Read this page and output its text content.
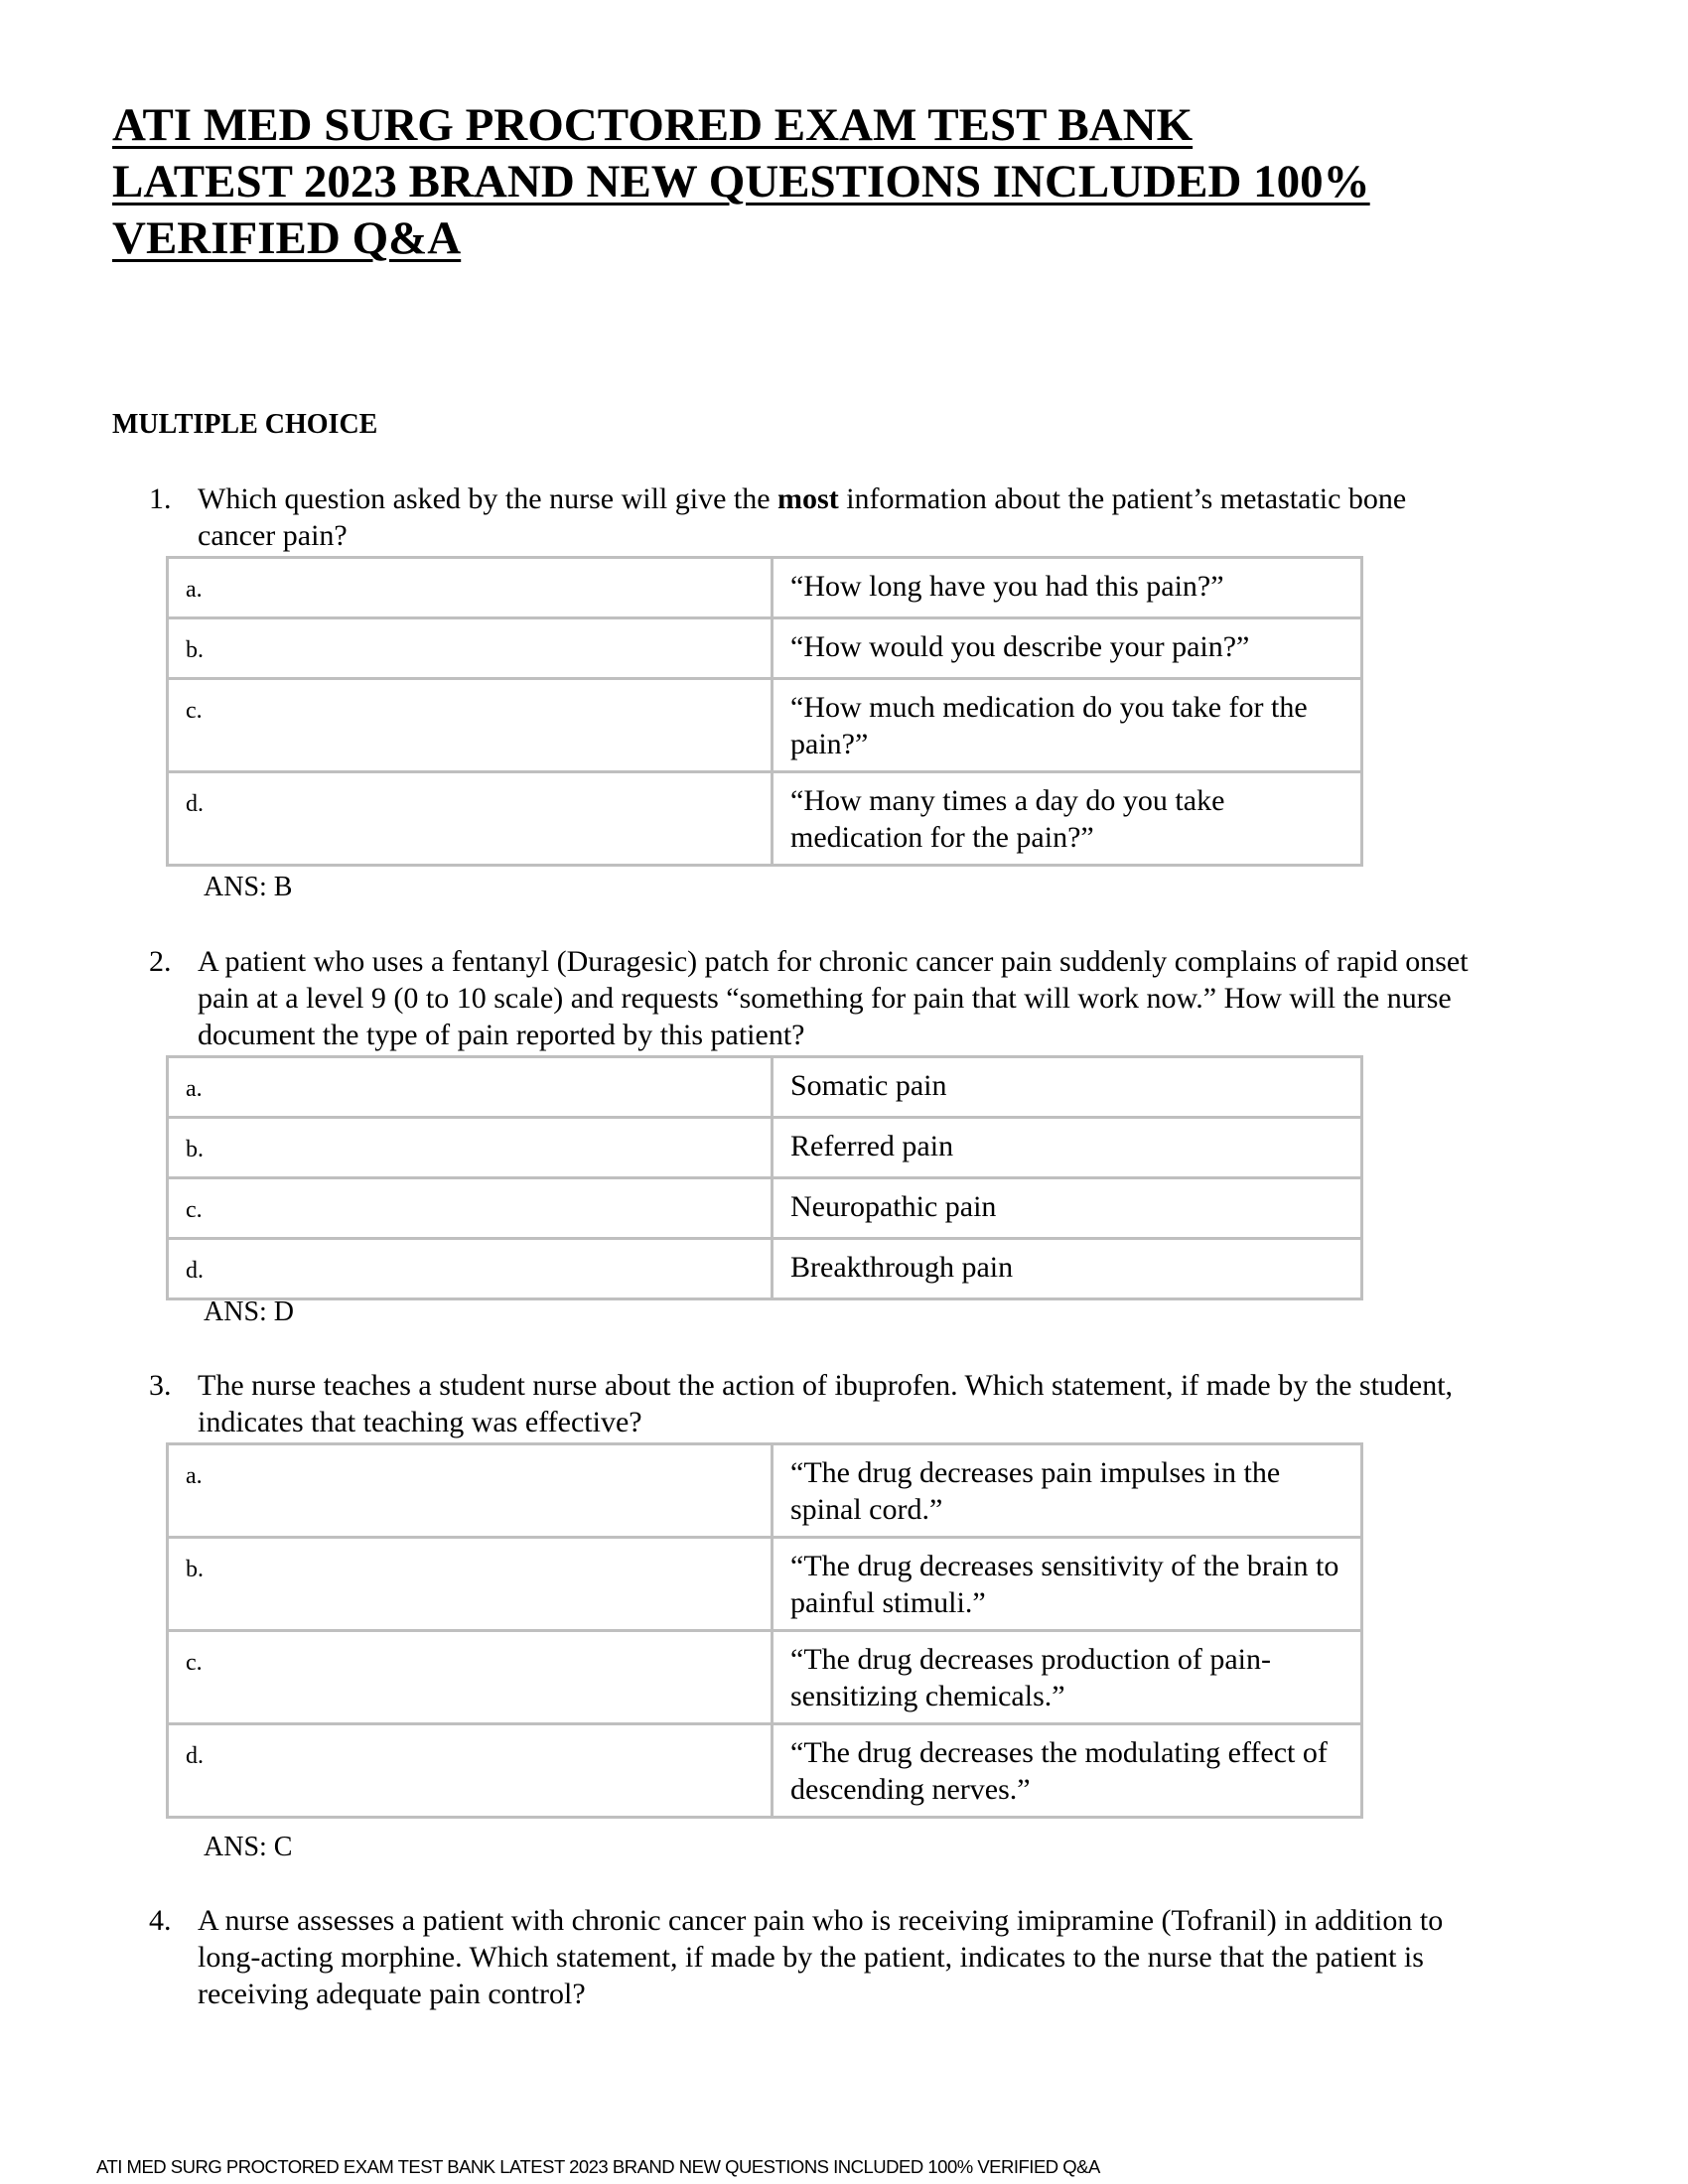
ATI MED SURG PROCTORED EXAM TEST BANK
LATEST 2023 BRAND NEW QUESTIONS INCLUDED 100%
VERIFIED Q&A
MULTIPLE CHOICE
1. Which question asked by the nurse will give the most information about the patient’s metastatic bone cancer pain?
a.	“How long have you had this pain?”
b.	“How would you describe your pain?”
c.	“How much medication do you take for the pain?”
d.	“How many times a day do you take medication for the pain?”
ANS: B
2. A patient who uses a fentanyl (Duragesic) patch for chronic cancer pain suddenly complains of rapid onset pain at a level 9 (0 to 10 scale) and requests “something for pain that will work now.” How will the nurse document the type of pain reported by this patient?
a.	Somatic pain
b.	Referred pain
c.	Neuropathic pain
d.	Breakthrough pain
ANS: D
3. The nurse teaches a student nurse about the action of ibuprofen. Which statement, if made by the student, indicates that teaching was effective?
a.	“The drug decreases pain impulses in the spinal cord.”
b.	“The drug decreases sensitivity of the brain to painful stimuli.”
c.	“The drug decreases production of pain-sensitizing chemicals.”
d.	“The drug decreases the modulating effect of descending nerves.”
ANS: C
4. A nurse assesses a patient with chronic cancer pain who is receiving imipramine (Tofranil) in addition to long-acting morphine. Which statement, if made by the patient, indicates to the nurse that the patient is receiving adequate pain control?
ATI MED SURG PROCTORED EXAM TEST BANK LATEST 2023 BRAND NEW QUESTIONS INCLUDED 100% VERIFIED Q&A
